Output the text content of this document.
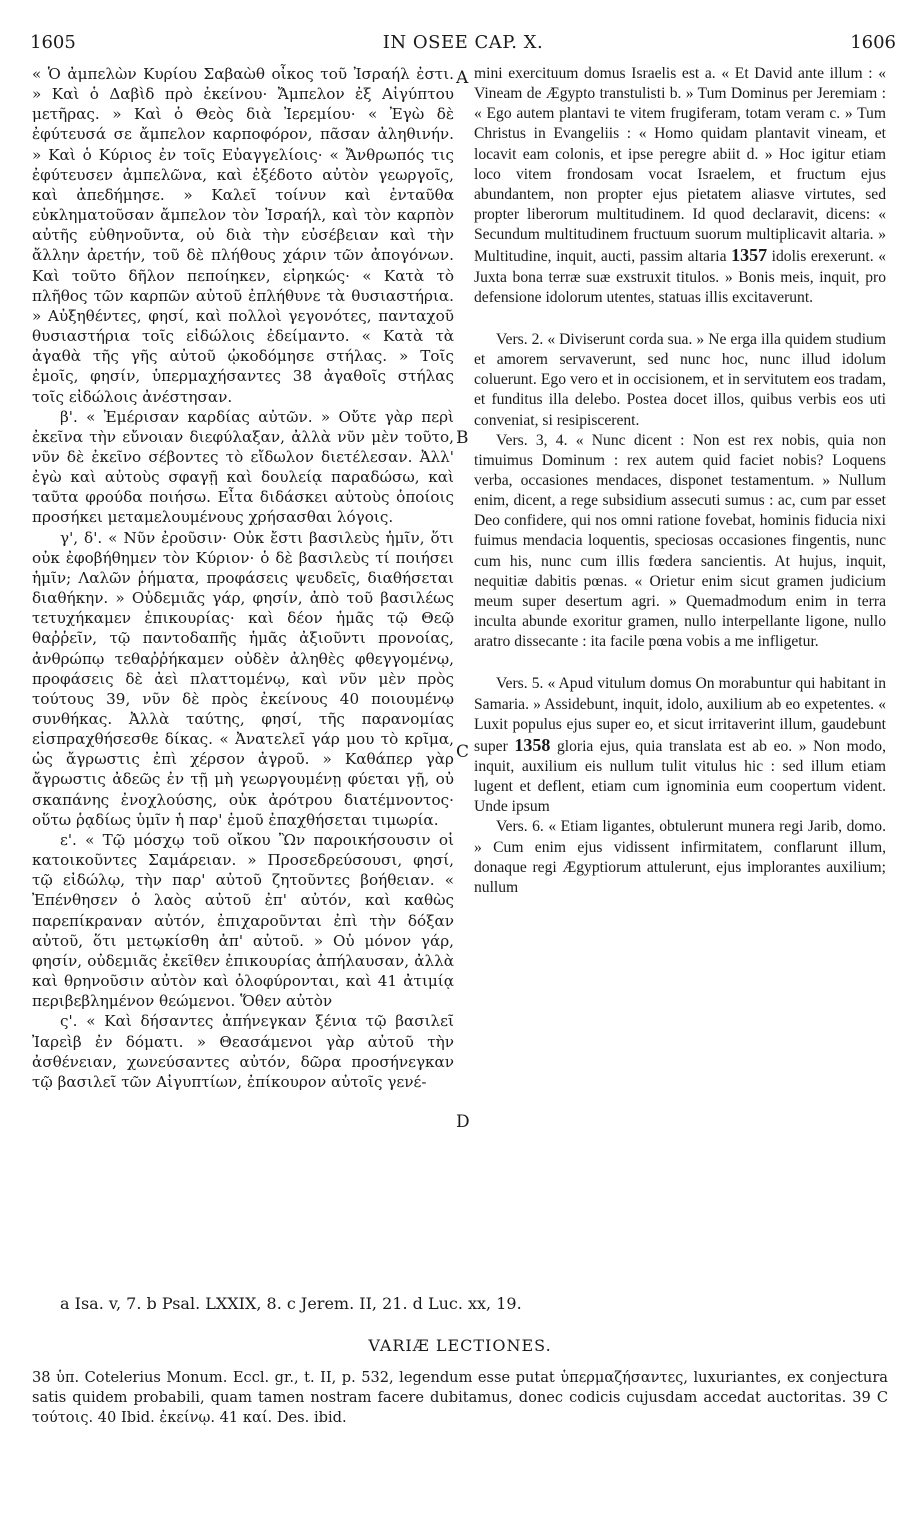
1605	IN OSEE CAP. X.	1606

« Ὁ ἀμπελὼν Κυρίου Σαβαὼθ οἶκος τοῦ Ἰσραήλ ἐστι. » Καὶ ὁ Δαβὶδ πρὸ ἐκείνου· Ἄμπελον ἐξ Αἰγύπτου μετῆρας. » Καὶ ὁ Θεὸς διὰ Ἰερεμίου· « Ἐγὼ δὲ ἐφύτευσά σε ἄμπελον καρποφόρον, πᾶσαν ἀληθινήν. » Καὶ ὁ Κύριος ἐν τοῖς Εὐαγγελίοις· « Ἄνθρωπός τις ἐφύτευσεν ἀμπελῶνα, καὶ ἐξέδοτο αὐτὸν γεωργοῖς, καὶ ἀπεδήμησε. » Καλεῖ τοίνυν καὶ ἐνταῦθα εὐκληματοῦσαν ἄμπελον τὸν Ἰσραήλ, καὶ τὸν καρπὸν αὐτῆς εὐθηνοῦντα, οὐ διὰ τὴν εὐσέβειαν καὶ τὴν ἄλλην ἀρετήν, τοῦ δὲ πλήθους χάριν τῶν ἀπογόνων. Καὶ τοῦτο δῆλον πεποίηκεν, εἰρηκώς· « Κατὰ τὸ πλῆθος τῶν καρπῶν αὐτοῦ ἐπλήθυνε τὰ θυσιαστήρια. » Αὐξηθέντες, φησί, καὶ πολλοὶ γεγονότες, πανταχοῦ θυσιαστήρια τοῖς εἰδώλοις ἐδείμαντο. « Κατὰ τὰ ἀγαθὰ τῆς γῆς αὐτοῦ ᾠκοδόμησε στήλας. » Τοῖς ἐμοῖς, φησίν, ὑπερμαχήσαντες 38 ἀγαθοῖς στήλας τοῖς εἰδώλοις ἀνέστησαν.

β'. « Ἐμέρισαν καρδίας αὐτῶν. » Οὔτε γὰρ περὶ ἐκεῖνα τὴν εὔνοιαν διεφύλαξαν, ἀλλὰ νῦν μὲν τοῦτο, νῦν δὲ ἐκεῖνο σέβοντες τὸ εἴδωλον διετέλεσαν. Ἀλλ' ἐγὼ καὶ αὐτοὺς σφαγῇ καὶ δουλείᾳ παραδώσω, καὶ ταῦτα φρούδα ποιήσω. Εἶτα διδάσκει αὐτοὺς ὁποίοις προσήκει μεταμελουμένους χρήσασθαι λόγοις.

γ', δ'. « Νῦν ἐροῦσιν· Οὐκ ἔστι βασιλεὺς ἡμῖν, ὅτι οὐκ ἐφοβήθημεν τὸν Κύριον· ὁ δὲ βασιλεὺς τί ποιήσει ἡμῖν; Λαλῶν ῥήματα, προφάσεις ψευδεῖς, διαθήσεται διαθήκην. » Οὐδεμιᾶς γάρ, φησίν, ἀπὸ τοῦ βασιλέως τετυχήκαμεν ἐπικουρίας· καὶ δέον ἡμᾶς τῷ Θεῷ θαῤῥεῖν, τῷ παντοδαπῆς ἡμᾶς ἀξιοῦντι προνοίας, ἀνθρώπῳ τεθαῤῥήκαμεν οὐδὲν ἀληθὲς φθεγγομένῳ, προφάσεις δὲ ἀεὶ πλαττομένῳ, καὶ νῦν μὲν πρὸς τούτους 39, νῦν δὲ πρὸς ἐκείνους 40 ποιουμένῳ συνθήκας. Ἀλλὰ ταύτης, φησί, τῆς παρανομίας εἰσπραχθήσεσθε δίκας. « Ἀνατελεῖ γάρ μου τὸ κρῖμα, ὡς ἄγρωστις ἐπὶ χέρσον ἀγροῦ. » Καθάπερ γὰρ ἄγρωστις ἀδεῶς ἐν τῇ μὴ γεωργουμένῃ φύεται γῇ, οὐ σκαπάνης ἐνοχλούσης, οὐκ ἀρότρου διατέμνοντος· οὕτω ῥᾳδίως ὑμῖν ἡ παρ' ἐμοῦ ἐπαχθήσεται τιμωρία.

ε'. « Τῷ μόσχῳ τοῦ οἴκου Ὢν παροικήσουσιν οἱ κατοικοῦντες Σαμάρειαν. » Προσεδρεύσουσι, φησί, τῷ εἰδώλῳ, τὴν παρ' αὐτοῦ ζητοῦντες βοήθειαν. « Ἐπένθησεν ὁ λαὸς αὐτοῦ ἐπ' αὐτόν, καὶ καθὼς παρεπίκραναν αὐτόν, ἐπιχαροῦνται ἐπὶ τὴν δόξαν αὐτοῦ, ὅτι μετῳκίσθη ἀπ' αὐτοῦ. » Οὐ μόνον γάρ, φησίν, οὐδεμιᾶς ἐκεῖθεν ἐπικουρίας ἀπήλαυσαν, ἀλλὰ καὶ θρηνοῦσιν αὐτὸν καὶ ὀλοφύρονται, καὶ 41 ἀτιμίᾳ περιβεβλημένον θεώμενοι. Ὅθεν αὐτὸν

ς'. « Καὶ δήσαντες ἀπήνεγκαν ξένια τῷ βασιλεῖ Ἰαρεὶβ ἐν δόματι. » Θεασάμενοι γὰρ αὐτοῦ τὴν ἀσθένειαν, χωνεύσαντες αὐτόν, δῶρα προσήνεγκαν τῷ βασιλεῖ τῶν Αἰγυπτίων, ἐπίκουρον αὐτοῖς γενέ-

mini exercituum domus Israelis est a. « Et David ante illum : « Vineam de Ægypto transtulisti b. » Tum Dominus per Jeremiam : « Ego autem plantavi te vitem frugiferam, totam veram c. » Tum Christus in Evangeliis : « Homo quidam plantavit vineam, et locavit eam colonis, et ipse peregre abiit d. » Hoc igitur etiam loco vitem frondosam vocat Israelem, et fructum ejus abundantem, non propter ejus pietatem aliasve virtutes, sed propter liberorum multitudinem. Id quod declaravit, dicens: « Secundum multitudinem fructuum suorum multiplicavit altaria. » Multitudine, inquit, aucti, passim altaria 1357 idolis erexerunt. « Juxta bona terræ suæ exstruxit titulos. » Bonis meis, inquit, pro defensione idolorum utentes, statuas illis excitaverunt.

Vers. 2. « Diviserunt corda sua. » Ne erga illa quidem studium et amorem servaverunt, sed nunc hoc, nunc illud idolum coluerunt. Ego vero et in occisionem, et in servitutem eos tradam, et funditus illa delebo. Postea docet illos, quibus verbis eos uti conveniat, si resipiscerent.

Vers. 3, 4. « Nunc dicent : Non est rex nobis, quia non timuimus Dominum : rex autem quid faciet nobis? Loquens verba, occasiones mendaces, disponet testamentum. » Nullum enim, dicent, a rege subsidium assecuti sumus : ac, cum par esset Deo confidere, qui nos omni ratione fovebat, hominis fiducia nixi fuimus mendacia loquentis, speciosas occasiones fingentis, nunc cum his, nunc cum illis fœdera sancientis. At hujus, inquit, nequitiæ dabitis pœnas. « Orietur enim sicut gramen judicium meum super desertum agri. » Quemadmodum enim in terra inculta abunde exoritur gramen, nullo interpellante ligone, nullo aratro dissecante : ita facile pœna vobis a me infligetur.

Vers. 5. « Apud vitulum domus On morabuntur qui habitant in Samaria. » Assidebunt, inquit, idolo, auxilium ab eo expetentes. « Luxit populus ejus super eo, et sicut irritaverint illum, gaudebunt super 1358 gloria ejus, quia translata est ab eo. » Non modo, inquit, auxilium eis nullum tulit vitulus hic : sed illum etiam lugent et deflent, etiam cum ignominia eum coopertum vident. Unde ipsum

Vers. 6. « Etiam ligantes, obtulerunt munera regi Jarib, domo. » Cum enim ejus vidissent infirmitatem, conflarunt illum, donaque regi Ægyptiorum attulerunt, ejus implorantes auxilium; nullum

A
B
C
D
a Isa. v, 7. b Psal. LXXIX, 8. c Jerem. II, 21. d Luc. xx, 19.
VARIÆ LECTIONES.
38 ὑπ. Cotelerius Monum. Eccl. gr., t. II, p. 532, legendum esse putat ὑπερμαζήσαντες, luxuriantes, ex conjectura satis quidem probabili, quam tamen nostram facere dubitamus, donec codicis cujusdam accedat auctoritas. 39 C τούτοις. 40 Ibid. ἐκείνῳ. 41 καί. Des. ibid.
